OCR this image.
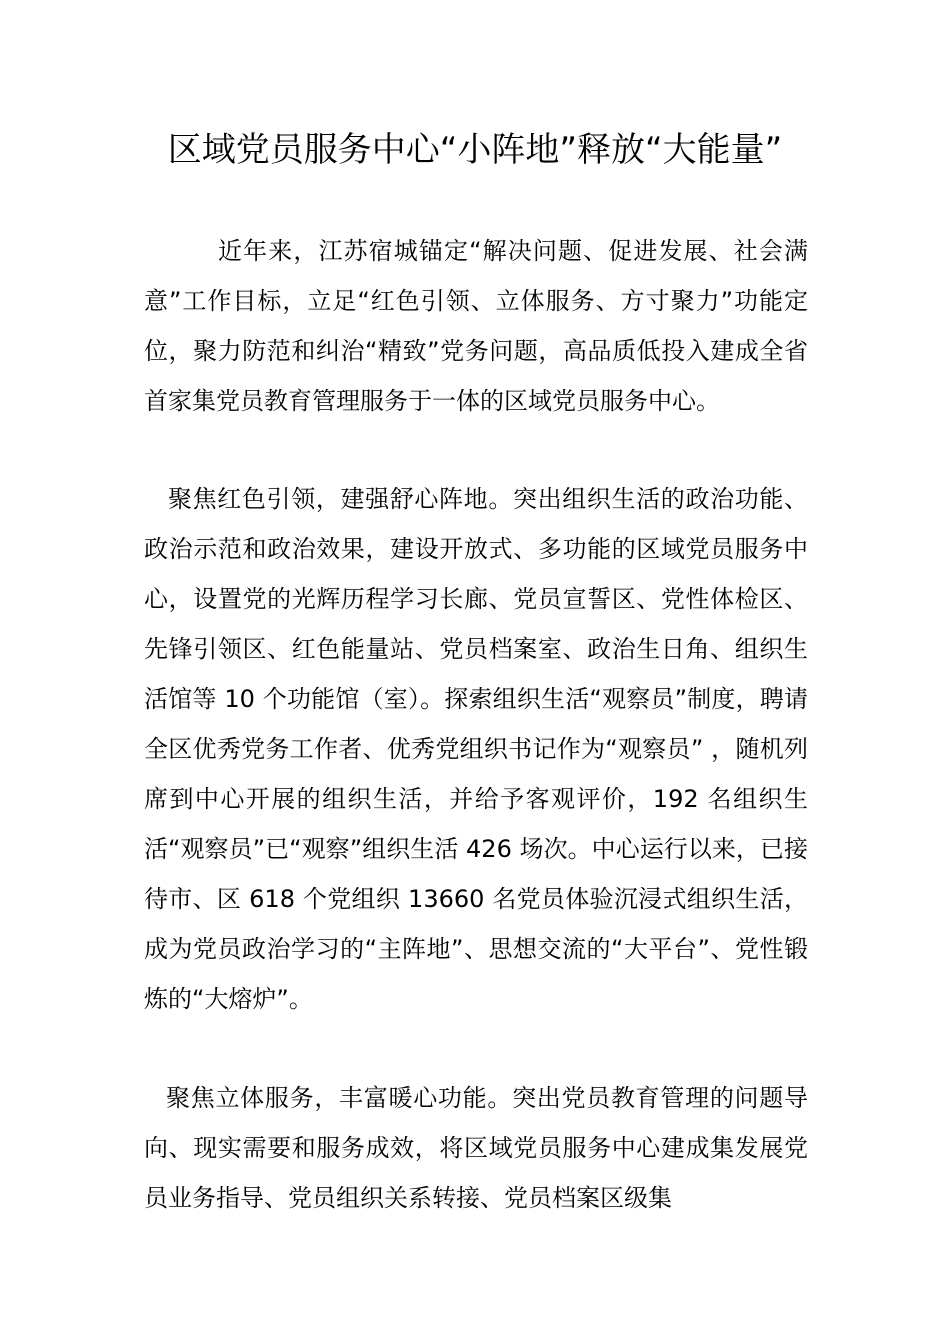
区域党员服务中心“小阵地”释放“大能量”

近年来，江苏宿城锚定“解决问题、促进发展、社会满意”工作目标，立足“红色引领、立体服务、方寸聚力”功能定位，聚力防范和纠治“精致”党务问题，高品质低投入建成全省首家集党员教育管理服务于一体的区域党员服务中心。

聚焦红色引领，建强舒心阵地。突出组织生活的政治功能、政治示范和政治效果，建设开放式、多功能的区域党员服务中心，设置党的光辉历程学习长廊、党员宣誓区、党性体检区、先锋引领区、红色能量站、党员档案室、政治生日角、组织生活馆等 10 个功能馆（室）。探索组织生活“观察员”制度，聘请全区优秀党务工作者、优秀党组织书记作为“观察员” ，随机列席到中心开展的组织生活，并给予客观评价，192 名组织生活“观察员”已“观察”组织生活 426 场次。中心运行以来，已接待市、区 618 个党组织 13660 名党员体验沉浸式组织生活，成为党员政治学习的“主阵地”、思想交流的“大平台”、党性锻炼的“大熔炉”。

聚焦立体服务，丰富暖心功能。突出党员教育管理的问题导向、现实需要和服务成效，将区域党员服务中心建成集发展党员业务指导、党员组织关系转接、党员档案区级集
